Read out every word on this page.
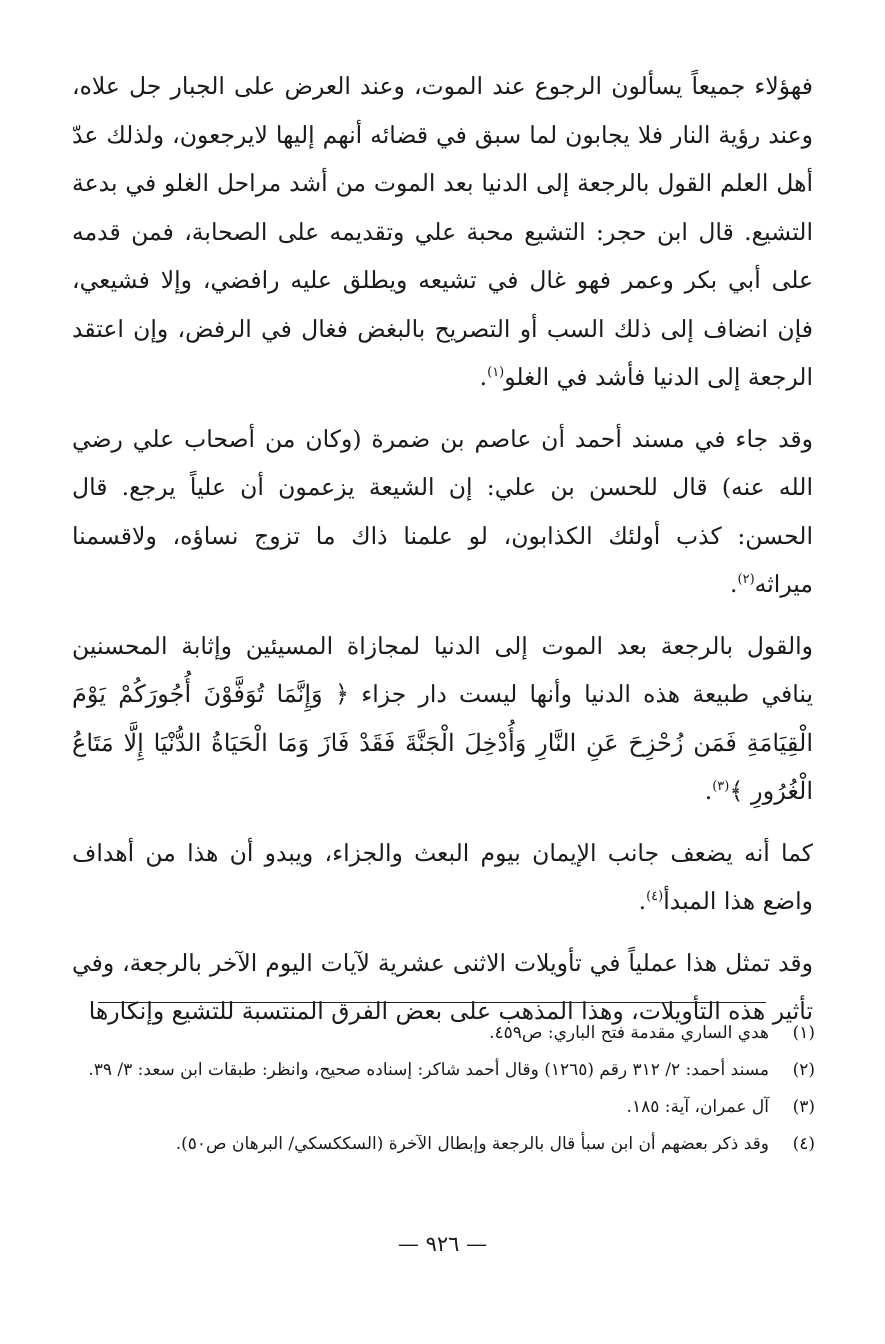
فهؤلاء جميعاً يسألون الرجوع عند الموت، وعند العرض على الجبار جل علاه، وعند رؤية النار فلا يجابون لما سبق في قضائه أنهم إليها لايرجعون، ولذلك عدّ أهل العلم القول بالرجعة إلى الدنيا بعد الموت من أشد مراحل الغلو في بدعة التشيع. قال ابن حجر: التشيع محبة علي وتقديمه على الصحابة، فمن قدمه على أبي بكر وعمر فهو غال في تشيعه ويطلق عليه رافضي، وإلا فشيعي، فإن انضاف إلى ذلك السب أو التصريح بالبغض فغال في الرفض، وإن اعتقد الرجعة إلى الدنيا فأشد في الغلو$^{(١)}$.

وقد جاء في مسند أحمد أن عاصم بن ضمرة (وكان من أصحاب علي رضي الله عنه) قال للحسن بن علي: إن الشيعة يزعمون أن علياً يرجع. قال الحسن: كذب أولئك الكذابون، لو علمنا ذاك ما تزوج نساؤه، ولاقسمنا ميراثه$^{(٢)}$.

والقول بالرجعة بعد الموت إلى الدنيا لمجازاة المسيئين وإثابة المحسنين ينافي طبيعة هذه الدنيا وأنها ليست دار جزاء ﴿ وَإِنَّمَا تُوَفَّوْنَ أُجُورَكُمْ يَوْمَ الْقِيَامَةِ فَمَن زُحْزِحَ عَنِ النَّارِ وَأُدْخِلَ الْجَنَّةَ فَقَدْ فَازَ وَمَا الْحَيَاةُ الدُّنْيَا إِلَّا مَتَاعُ الْغُرُورِ ﴾$^{(٣)}$.

كما أنه يضعف جانب الإيمان بيوم البعث والجزاء، ويبدو أن هذا من أهداف واضع هذا المبدأ$^{(٤)}$.

وقد تمثل هذا عملياً في تأويلات الاثنى عشرية لآيات اليوم الآخر بالرجعة، وفي تأثير هذه التأويلات، وهذا المذهب على بعض الفرق المنتسبة للتشيع وإنكارها

(١)
هدي الساري مقدمة فتح الباري: ص٤٥٩.
(٢)
مسند أحمد: ٢/ ٣١٢ رقم (١٢٦٥) وقال أحمد شاكر: إسناده صحيح، وانظر: طبقات ابن سعد: ٣/ ٣٩.
(٣)
آل عمران، آية: ١٨٥.
(٤)
وقد ذكر بعضهم أن ابن سبأ قال بالرجعة وإبطال الآخرة (السككسكي/ البرهان ص٥٠).
— ٩٢٦ —
